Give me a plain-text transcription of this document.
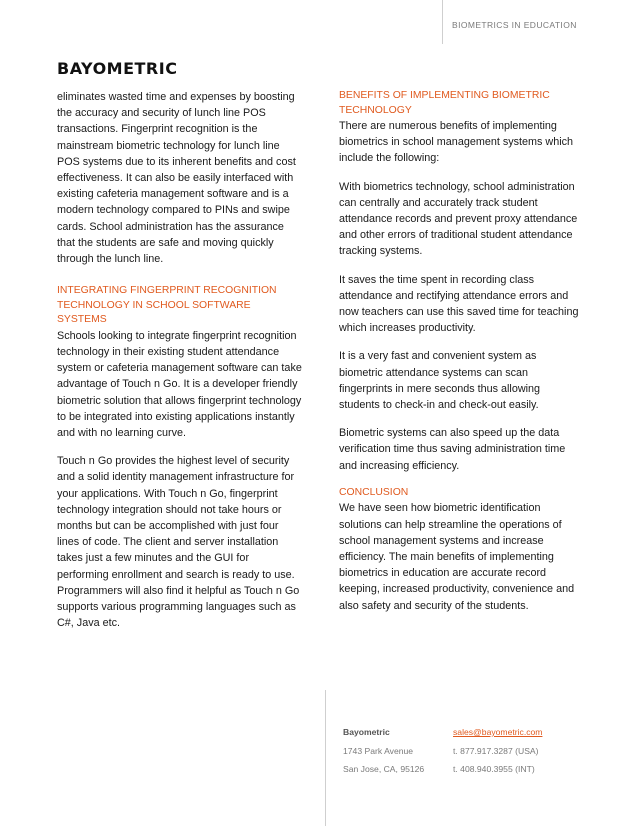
BIOMETRICS IN EDUCATION
BAYOMETRIC

eliminates wasted time and expenses by boosting the accuracy and security of lunch line POS transactions. Fingerprint recognition is the mainstream biometric technology for lunch line POS systems due to its inherent benefits and cost effectiveness. It can also be easily interfaced with existing cafeteria management software and is a modern technology compared to PINs and swipe cards. School administration has the assurance that the students are safe and moving quickly through the lunch line.

INTEGRATING FINGERPRINT RECOGNITION TECHNOLOGY IN SCHOOL SOFTWARE SYSTEMS

Schools looking to integrate fingerprint recognition technology in their existing student attendance system or cafeteria management software can take advantage of Touch n Go. It is a developer friendly biometric solution that allows fingerprint technology to be integrated into existing applications instantly and with no learning curve.

Touch n Go provides the highest level of security and a solid identity management infrastructure for your applications. With Touch n Go, fingerprint technology integration should not take hours or months but can be accomplished with just four lines of code. The client and server installation takes just a few minutes and the GUI for performing enrollment and search is ready to use. Programmers will also find it helpful as Touch n Go supports various programming languages such as C#, Java etc.

BENEFITS OF IMPLEMENTING BIOMETRIC TECHNOLOGY

There are numerous benefits of implementing biometrics in school management systems which include the following:

With biometrics technology, school administration can centrally and accurately track student attendance records and prevent proxy attendance and other errors of traditional student attendance tracking systems.

It saves the time spent in recording class attendance and rectifying attendance errors and now teachers can use this saved time for teaching which increases productivity.

It is a very fast and convenient system as biometric attendance systems can scan fingerprints in mere seconds thus allowing students to check-in and check-out easily.

Biometric systems can also speed up the data verification time thus saving administration time and increasing efficiency.

CONCLUSION

We have seen how biometric identification solutions can help streamline the operations of school management systems and increase efficiency. The main benefits of implementing biometrics in education are accurate record keeping, increased productivity, convenience and also safety and security of the students.

Bayometric
1743 Park Avenue
San Jose, CA, 95126
sales@bayometric.com
t. 877.917.3287 (USA)
t. 408.940.3955 (INT)
